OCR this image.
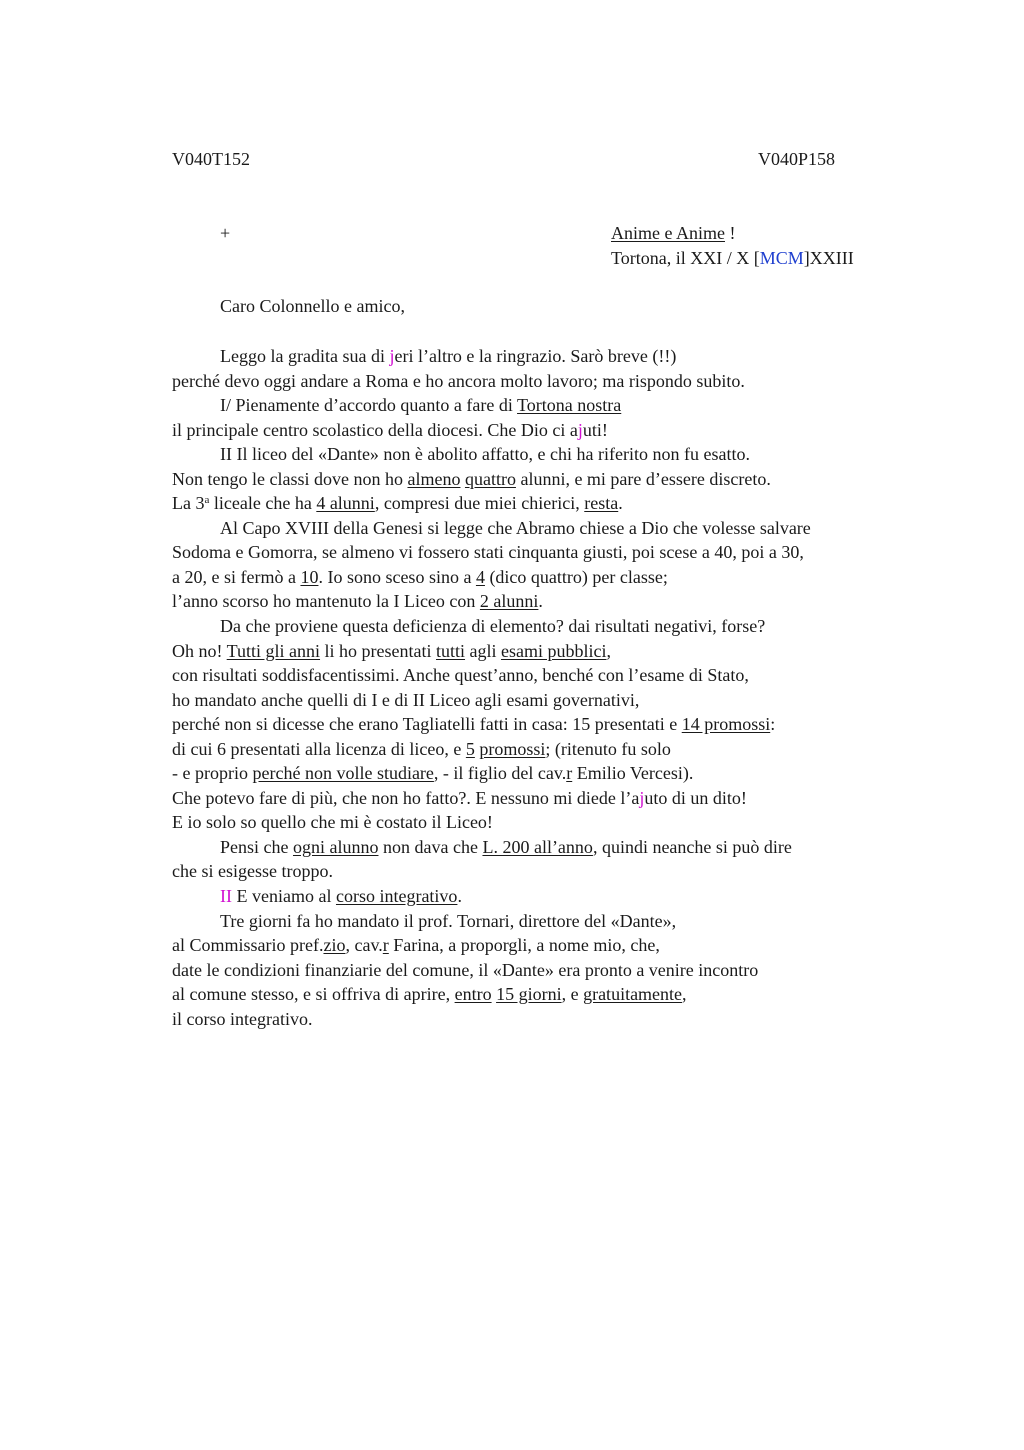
V040T152	V040P158
+	Anime e Anime !
Tortona, il XXI / X [MCM]XXIII
Caro Colonnello e amico,
Leggo la gradita sua di jeri l’altro e la ringrazio. Sarò breve (!!)
perché devo oggi andare a Roma e ho ancora molto lavoro; ma rispondo subito.
I/ Pienamente d’accordo quanto a fare di Tortona nostra
il principale centro scolastico della diocesi. Che Dio ci ajuti!
II Il liceo del «Dante» non è abolito affatto, e chi ha riferito non fu esatto.
Non tengo le classi dove non ho almeno quattro alunni, e mi pare d’essere discreto.
La 3$^a$ liceale che ha 4 alunni, compresi due miei chierici, resta.
Al Capo XVIII della Genesi si legge che Abramo chiese a Dio che volesse salvare
Sodoma e Gomorra, se almeno vi fossero stati cinquanta giusti, poi scese a 40, poi a 30,
a 20, e si fermò a 10. Io sono sceso sino a 4 (dico quattro) per classe;
l’anno scorso ho mantenuto la I Liceo con 2 alunni.
Da che proviene questa deficienza di elemento? dai risultati negativi, forse?
Oh no! Tutti gli anni li ho presentati tutti agli esami pubblici,
con risultati soddisfacentissimi. Anche quest’anno, benché con l’esame di Stato,
ho mandato anche quelli di I e di II Liceo agli esami governativi,
perché non si dicesse che erano Tagliatelli fatti in casa: 15 presentati e 14 promossi:
di cui 6 presentati alla licenza di liceo, e 5 promossi; (ritenuto fu solo
- e proprio perché non volle studiare, - il figlio del cav.r Emilio Vercesi).
Che potevo fare di più, che non ho fatto?. E nessuno mi diede l’ajuto di un dito!
E io solo so quello che mi è costato il Liceo!
Pensi che ogni alunno non dava che L. 200 all’anno, quindi neanche si può dire
che si esigesse troppo.
II E veniamo al corso integrativo.
Tre giorni fa ho mandato il prof. Tornari, direttore del «Dante»,
al Commissario pref.zio, cav.r Farina, a proporgli, a nome mio, che,
date le condizioni finanziarie del comune, il «Dante» era pronto a venire incontro
al comune stesso, e si offriva di aprire, entro 15 giorni, e gratuitamente,
il corso integrativo.
